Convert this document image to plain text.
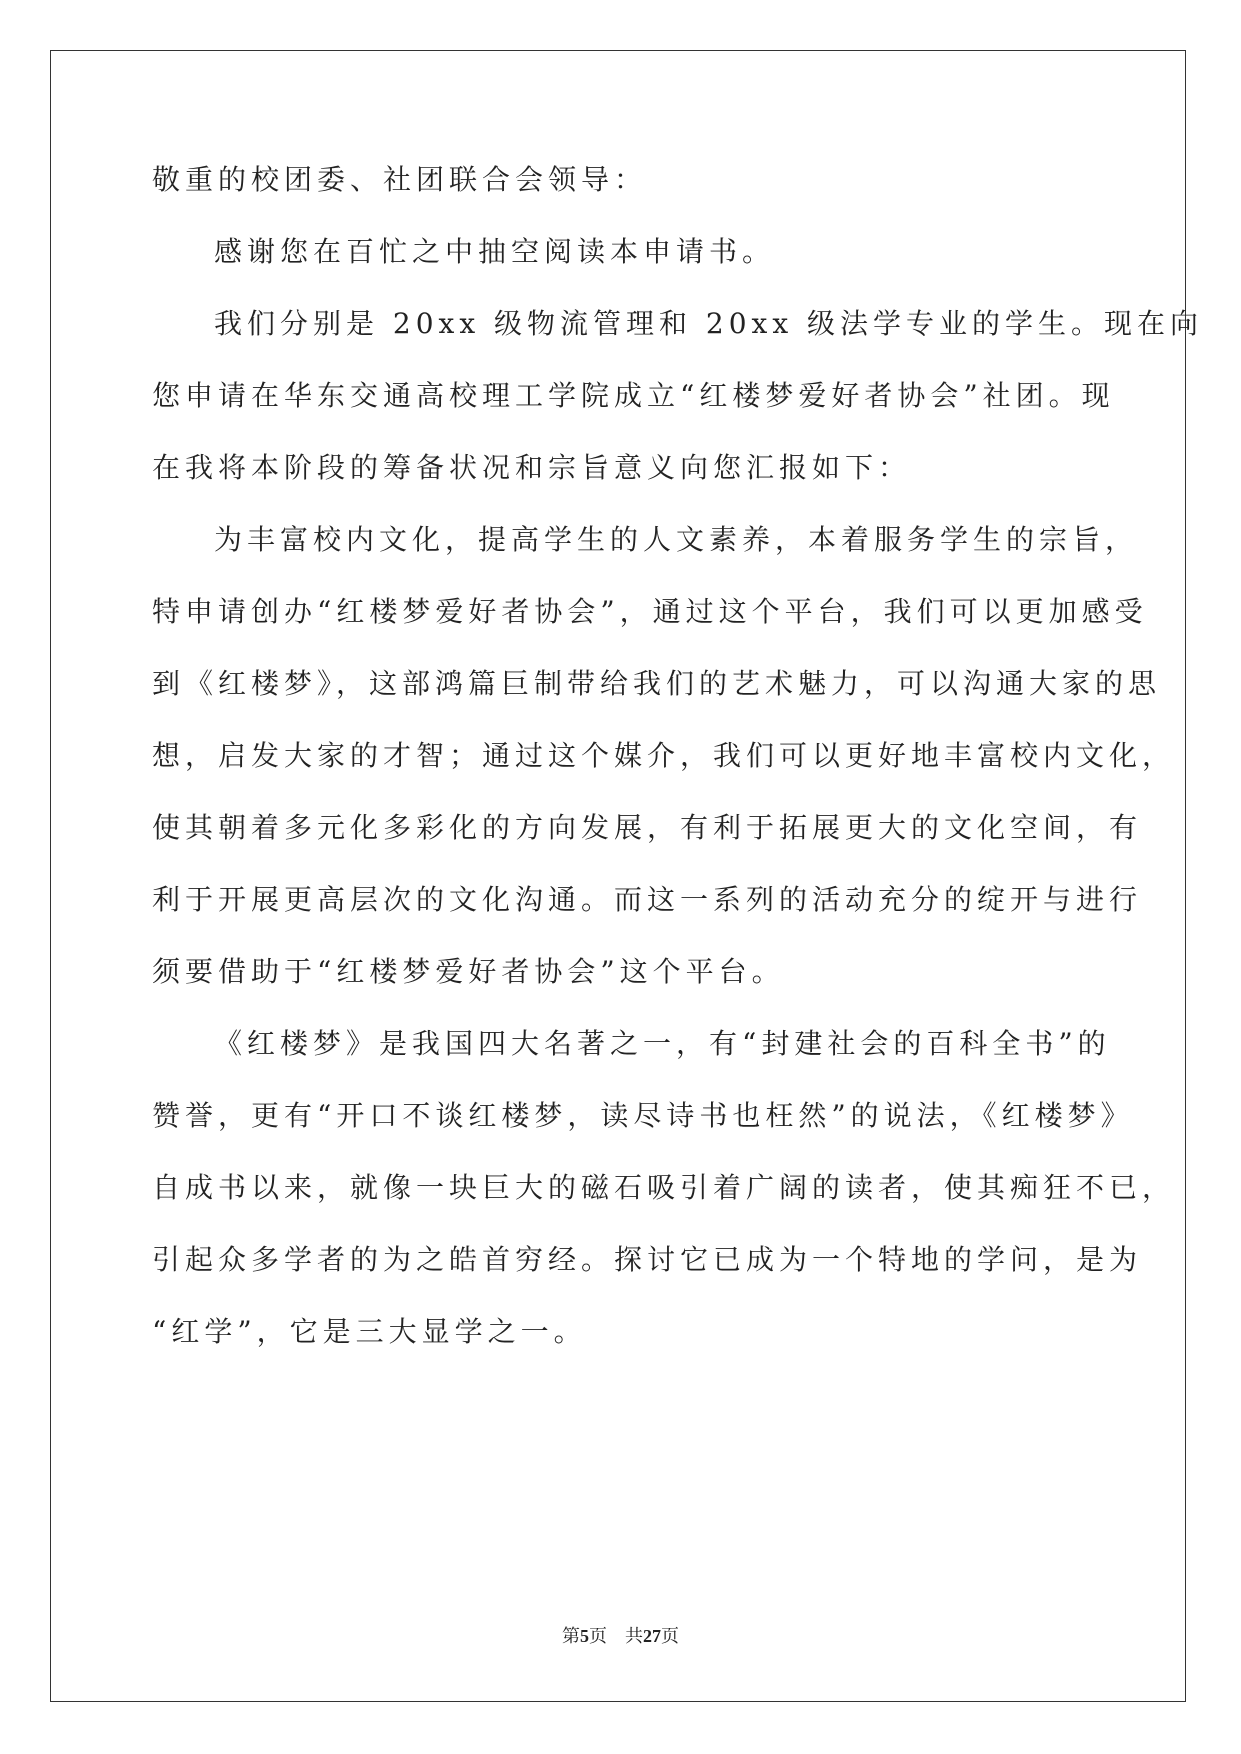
敬重的校团委、社团联合会领导：
感谢您在百忙之中抽空阅读本申请书。
我们分别是 20xx 级物流管理和 20xx 级法学专业的学生。现在向
您申请在华东交通高校理工学院成立“红楼梦爱好者协会”社团。现
在我将本阶段的筹备状况和宗旨意义向您汇报如下：
为丰富校内文化，提高学生的人文素养，本着服务学生的宗旨，
特申请创办“红楼梦爱好者协会”，通过这个平台，我们可以更加感受
到《红楼梦》，这部鸿篇巨制带给我们的艺术魅力，可以沟通大家的思
想，启发大家的才智；通过这个媒介，我们可以更好地丰富校内文化，
使其朝着多元化多彩化的方向发展，有利于拓展更大的文化空间，有
利于开展更高层次的文化沟通。而这一系列的活动充分的绽开与进行
须要借助于“红楼梦爱好者协会”这个平台。
《红楼梦》是我国四大名著之一，有“封建社会的百科全书”的
赞誉，更有“开口不谈红楼梦，读尽诗书也枉然”的说法，《红楼梦》
自成书以来，就像一块巨大的磁石吸引着广阔的读者，使其痴狂不已，
引起众多学者的为之皓首穷经。探讨它已成为一个特地的学问，是为
“红学”，它是三大显学之一。
第5页 共27页
